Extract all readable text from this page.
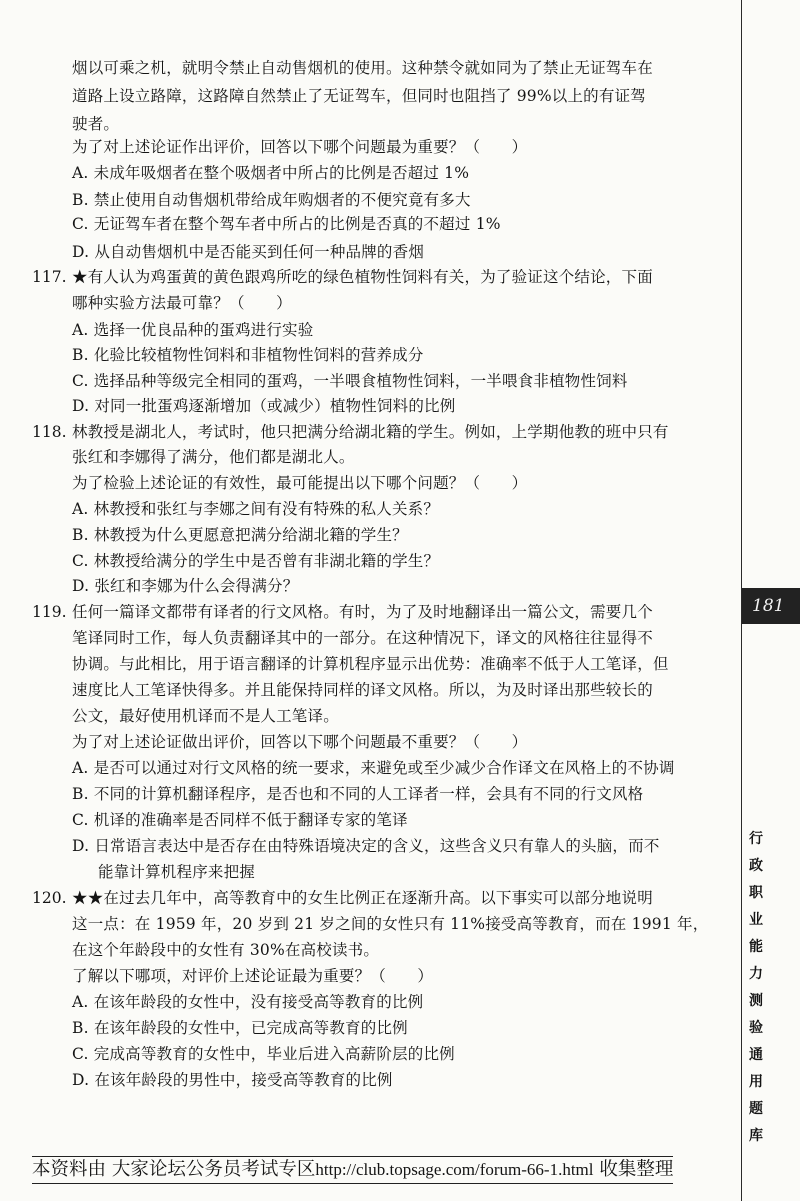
烟以可乘之机，就明令禁止自动售烟机的使用。这种禁令就如同为了禁止无证驾车在
道路上设立路障，这路障自然禁止了无证驾车，但同时也阻挡了 99%以上的有证驾
驶者。
为了对上述论证作出评价，回答以下哪个问题最为重要？（　　）
A. 未成年吸烟者在整个吸烟者中所占的比例是否超过 1%
B. 禁止使用自动售烟机带给成年购烟者的不便究竟有多大
C. 无证驾车者在整个驾车者中所占的比例是否真的不超过 1%
D. 从自动售烟机中是否能买到任何一种品牌的香烟
117. ★有人认为鸡蛋黄的黄色跟鸡所吃的绿色植物性饲料有关，为了验证这个结论，下面
哪种实验方法最可靠？（　　）
A. 选择一优良品种的蛋鸡进行实验
B. 化验比较植物性饲料和非植物性饲料的营养成分
C. 选择品种等级完全相同的蛋鸡，一半喂食植物性饲料，一半喂食非植物性饲料
D. 对同一批蛋鸡逐渐增加（或减少）植物性饲料的比例
118. 林教授是湖北人，考试时，他只把满分给湖北籍的学生。例如，上学期他教的班中只有
张红和李娜得了满分，他们都是湖北人。
为了检验上述论证的有效性，最可能提出以下哪个问题？（　　）
A. 林教授和张红与李娜之间有没有特殊的私人关系？
B. 林教授为什么更愿意把满分给湖北籍的学生？
C. 林教授给满分的学生中是否曾有非湖北籍的学生？
D. 张红和李娜为什么会得满分？
119. 任何一篇译文都带有译者的行文风格。有时，为了及时地翻译出一篇公文，需要几个
笔译同时工作，每人负责翻译其中的一部分。在这种情况下，译文的风格往往显得不
协调。与此相比，用于语言翻译的计算机程序显示出优势：准确率不低于人工笔译，但
速度比人工笔译快得多。并且能保持同样的译文风格。所以，为及时译出那些较长的
公文，最好使用机译而不是人工笔译。
为了对上述论证做出评价，回答以下哪个问题最不重要？（　　）
A. 是否可以通过对行文风格的统一要求，来避免或至少减少合作译文在风格上的不协调
B. 不同的计算机翻译程序，是否也和不同的人工译者一样，会具有不同的行文风格
C. 机译的准确率是否同样不低于翻译专家的笔译
D. 日常语言表达中是否存在由特殊语境决定的含义，这些含义只有靠人的头脑，而不
能靠计算机程序来把握
120. ★★在过去几年中，高等教育中的女生比例正在逐渐升高。以下事实可以部分地说明
这一点：在 1959 年，20 岁到 21 岁之间的女性只有 11%接受高等教育，而在 1991 年，
在这个年龄段中的女性有 30%在高校读书。
了解以下哪项，对评价上述论证最为重要？（　　）
A. 在该年龄段的女性中，没有接受高等教育的比例
B. 在该年龄段的女性中，已完成高等教育的比例
C. 完成高等教育的女性中，毕业后进入高薪阶层的比例
D. 在该年龄段的男性中，接受高等教育的比例
181
行
政
职
业
能
力
测
验
通
用
题
库
本资料由 大家论坛公务员考试专区http://club.topsage.com/forum-66-1.html 收集整理
